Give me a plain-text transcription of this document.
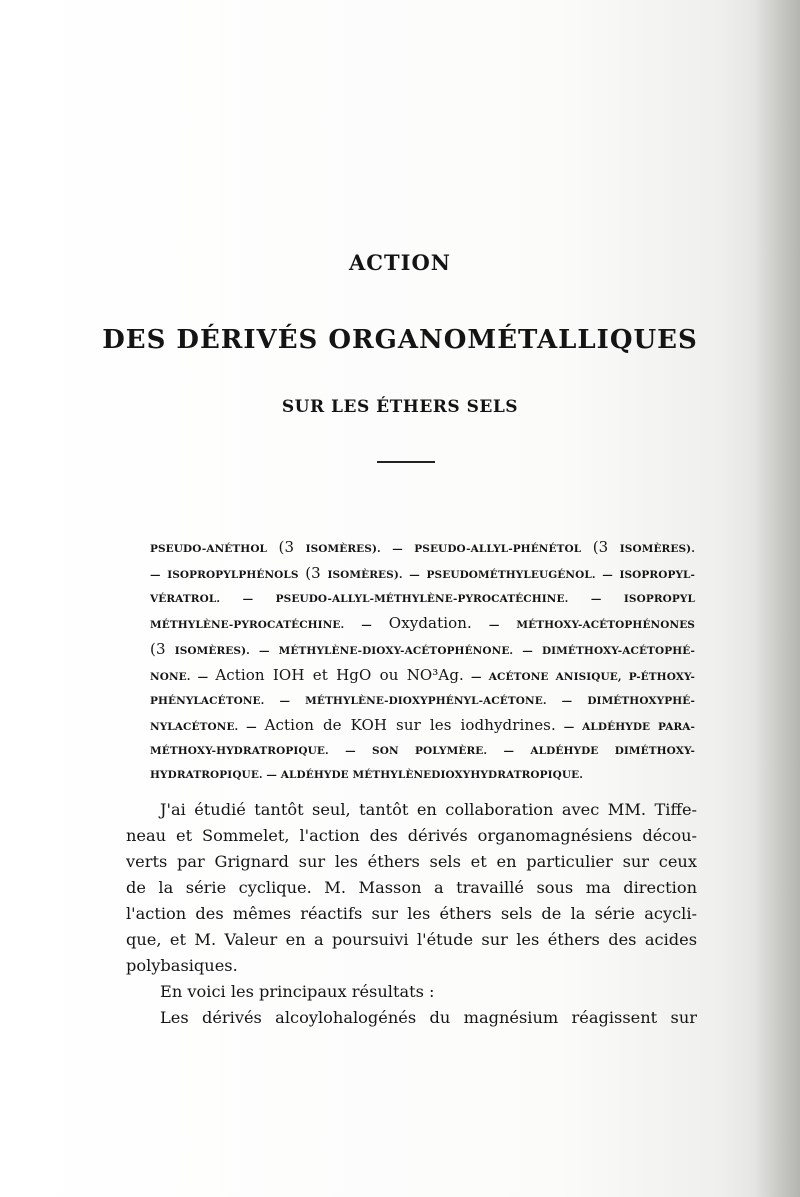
ACTION
DES DÉRIVÉS ORGANOMÉTALLIQUES
SUR LES ÉTHERS SELS
PSEUDO-ANÉTHOL (3 ISOMÈRES). — PSEUDO-ALLYL-PHÉNÉTOL (3 ISOMÈRES).
— ISOPROPYLPHÉNOLS (3 ISOMÈRES). — PSEUDOMÉTHYLEUGÉNOL. — ISOPROPYL-
VÉRATROL. — PSEUDO-ALLYL-MÉTHYLÈNE-PYROCATÉCHINE. — ISOPROPYL
MÉTHYLÈNE-PYROCATÉCHINE. — Oxydation. — MÉTHOXY-ACÉTOPHÉNONES
(3 ISOMÈRES). — MÉTHYLÈNE-DIOXY-ACÉTOPHÉNONE. — DIMÉTHOXY-ACÉTOPHÉ-
NONE. — Action IOH et HgO ou NO³Ag. — ACÉTONE ANISIQUE, P-ÉTHOXY-
PHÉNYLACÉTONE. — MÉTHYLÈNE-DIOXYPHÉNYL-ACÉTONE. — DIMÉTHOXYPHÉ-
NYLACÉTONE. — Action de KOH sur les iodhydrines. — ALDÉHYDE PARA-
MÉTHOXY-HYDRATROPIQUE. — SON POLYMÈRE. — ALDÉHYDE DIMÉTHOXY-
HYDRATROPIQUE. — ALDÉHYDE MÉTHYLÈNEDIOXYHYDRATROPIQUE.
J'ai étudié tantôt seul, tantôt en collaboration avec MM. Tiffe-
neau et Sommelet, l'action des dérivés organomagnésiens décou-
verts par Grignard sur les éthers sels et en particulier sur ceux
de la série cyclique. M. Masson a travaillé sous ma direction
l'action des mêmes réactifs sur les éthers sels de la série acycli-
que, et M. Valeur en a poursuivi l'étude sur les éthers des acides
polybasiques.
En voici les principaux résultats :
Les dérivés alcoylohalogénés du magnésium réagissent sur
